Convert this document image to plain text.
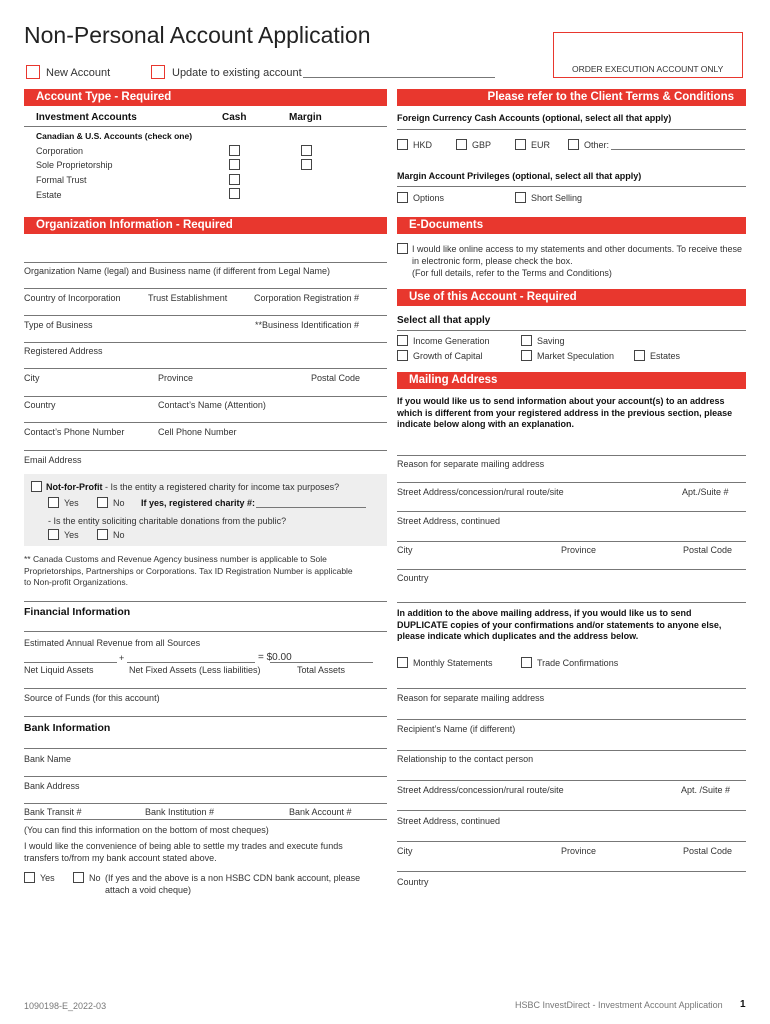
Non-Personal Account Application
New Account	Update to existing account	ORDER EXECUTION ACCOUNT ONLY
Account Type - Required	Please refer to the Client Terms & Conditions
Investment Accounts	Cash	Margin
Canadian & U.S. Accounts (check one)
Corporation
Sole Proprietorship
Formal Trust
Estate
Foreign Currency Cash Accounts (optional, select all that apply)
HKD	GBP	EUR	Other:
Margin Account Privileges (optional, select all that apply)
Options	Short Selling
Organization Information - Required
Organization Name (legal) and Business name (if different from Legal Name)
Country of Incorporation	Trust Establishment	Corporation Registration #
Type of Business	**Business Identification #
Registered Address
City	Province	Postal Code
Country	Contact’s Name (Attention)
Contact’s Phone Number	Cell Phone Number
Email Address
Not-for-Profit - Is the entity a registered charity for income tax purposes?
Yes	No If yes, registered charity #:
- Is the entity soliciting charitable donations from the public?
Yes	No
** Canada Customs and Revenue Agency business number is applicable to Sole Proprietorships, Partnerships or Corporations. Tax ID Registration Number is applicable to Non-profit Organizations.
E-Documents
I would like online access to my statements and other documents. To receive these in electronic form, please check the box.
(For full details, refer to the Terms and Conditions)
Use of this Account - Required
Select all that apply
Income Generation	Saving
Growth of Capital	Market Speculation	Estates
Mailing Address
If you would like us to send information about your account(s) to an address which is different from your registered address in the previous section, please indicate below along with an explanation.
Reason for separate mailing address
Street Address/concession/rural route/site	Apt./Suite #
Street Address, continued
City	Province	Postal Code
Country
In addition to the above mailing address, if you would like us to send DUPLICATE copies of your confirmations and/or statements to anyone else, please indicate which duplicates and the address below.
Monthly Statements	Trade Confirmations
Reason for separate mailing address
Recipient’s Name (if different)
Relationship to the contact person
Street Address/concession/rural route/site	Apt. /Suite #
Street Address, continued
City	Province	Postal Code
Country
Financial Information
Estimated Annual Revenue from all Sources
+	= $0.00
Net Liquid Assets	Net Fixed Assets (Less liabilities)	Total Assets
Source of Funds (for this account)
Bank Information
Bank Name
Bank Address
Bank Transit #	Bank Institution #	Bank Account #
(You can find this information on the bottom of most cheques)
I would like the convenience of being able to settle my trades and execute funds transfers to/from my bank account stated above.
Yes	No (If yes and the above is a non HSBC CDN bank account, please attach a void cheque)
1090198-E_2022-03	HSBC InvestDirect - Investment Account Application 1
